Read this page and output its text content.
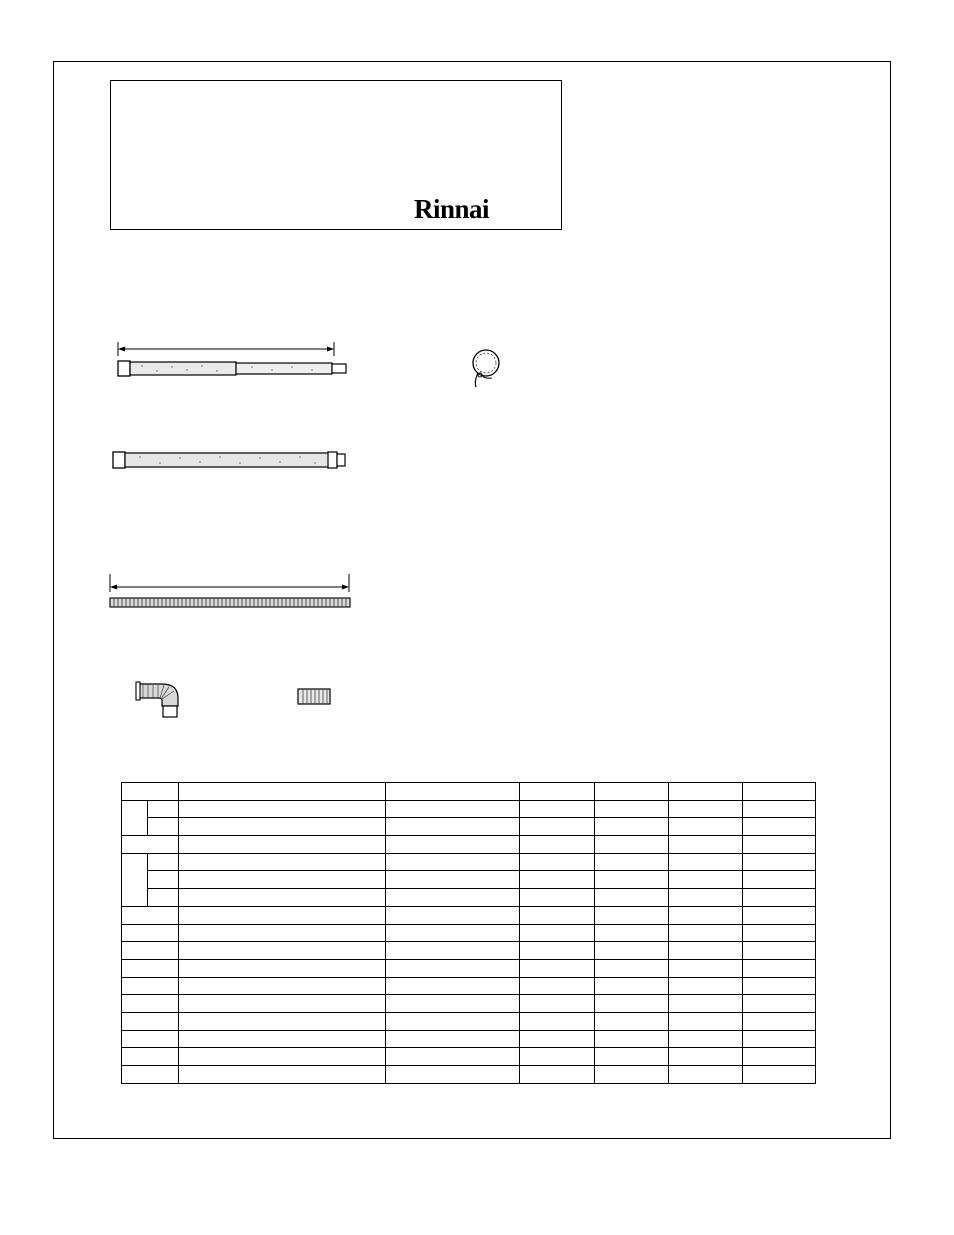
Rinnai
